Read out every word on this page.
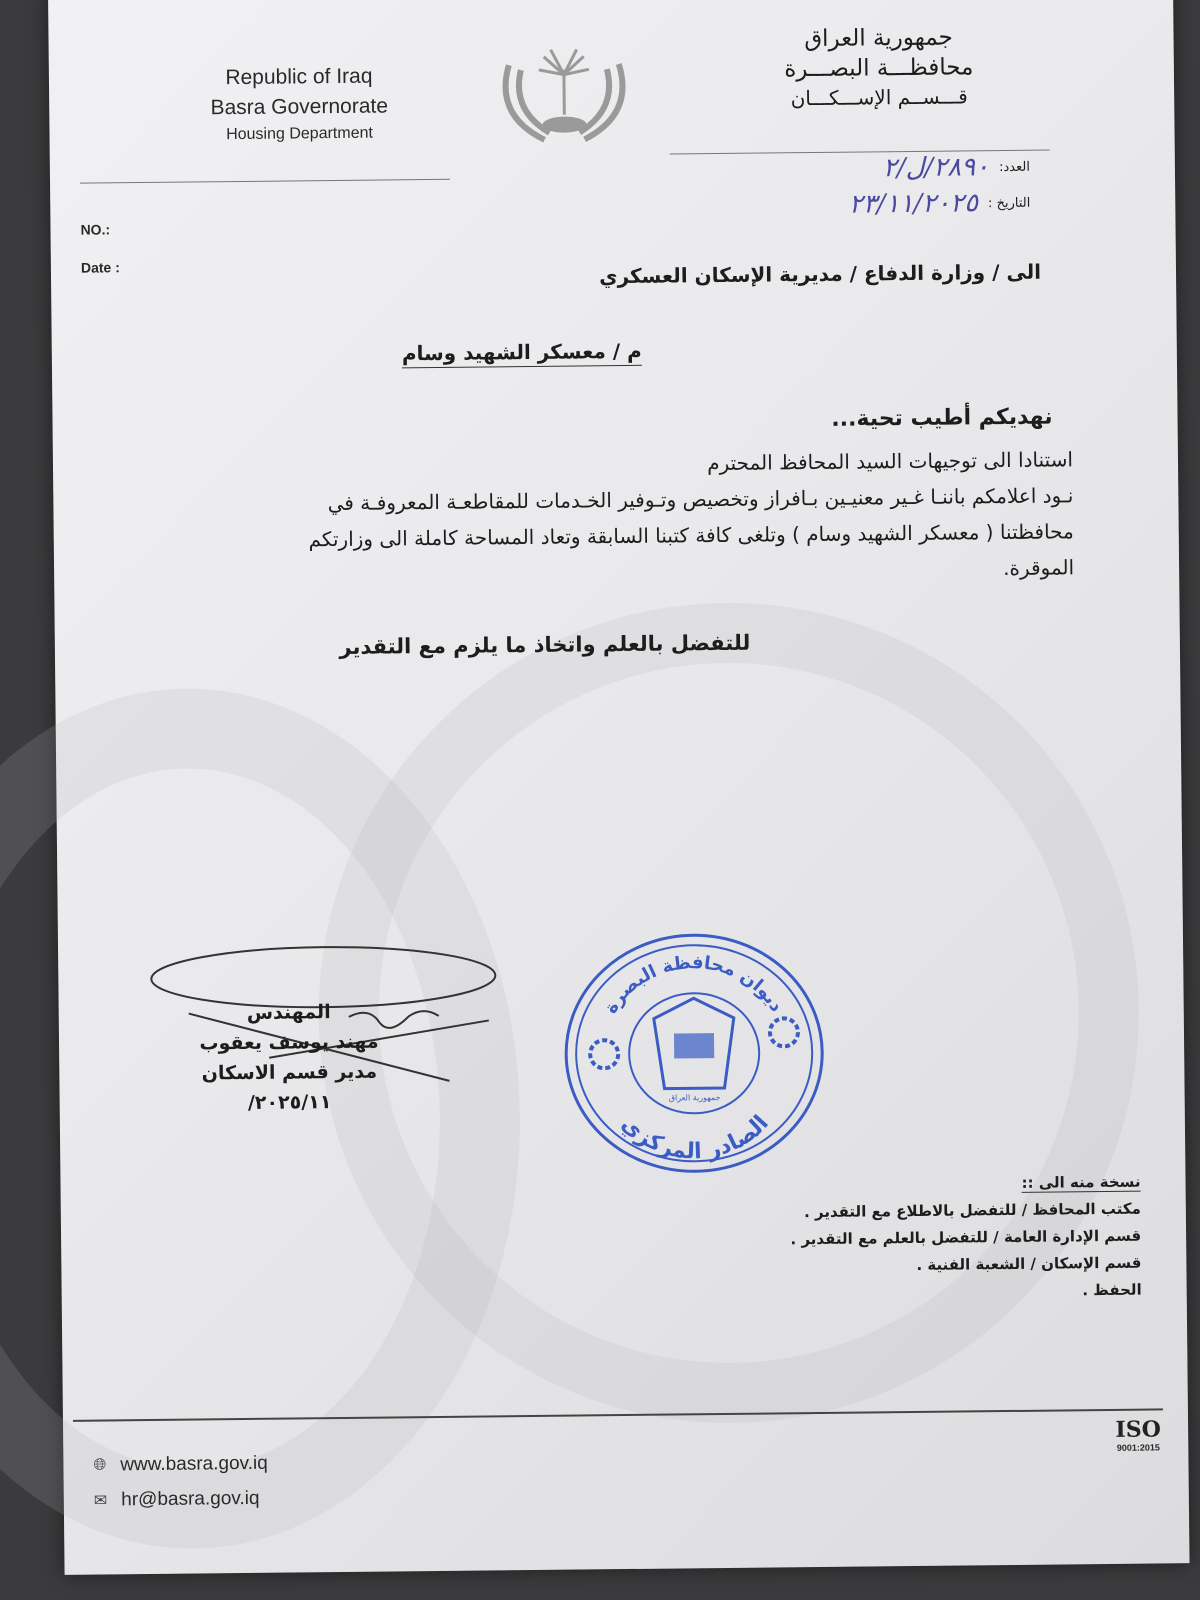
Republic of Iraq
Basra Governorate
Housing Department
جمهورية العراق
محافظـــة البصـــرة
قـــســم الإســـكـــان
العدد:
٢٨٩٠/ل/٢
التاريخ :
٢٣/١١/٢٠٢٥
NO.:
Date :	الى / وزارة الدفاع / مديرية الإسكان العسكري
م / معسكر الشهيد وسام
نهديكم أطيب تحية...
استنادا الى توجيهات السيد المحافظ المحترم
نـود اعلامكم باننـا غـير معنيـين بـافراز وتخصيص وتـوفير الخـدمات للمقاطعـة المعروفـة في
محافظتنا ( معسكر الشهيد وسام ) وتلغى كافة كتبنا السابقة وتعاد المساحة كاملة الى وزارتكم
الموقرة.
للتفضل بالعلم واتخاذ ما يلزم مع التقدير
المهندس
مهند يوسف يعقوب
مدير قسم الاسكان
٢٠٢٥/١١/
ديوان محافظة البصرة
الصادر المركزي
جمهورية العراق
نسخة منه الى ::
مكتب المحافظ / للتفضل بالاطلاع مع التقدير .
قسم الإدارة العامة / للتفضل بالعلم مع التقدير .
قسم الإسكان / الشعبة الفنية .
الحفظ .
🌐︎ www.basra.gov.iq
✉ hr@basra.gov.iq
ISO
9001:2015
